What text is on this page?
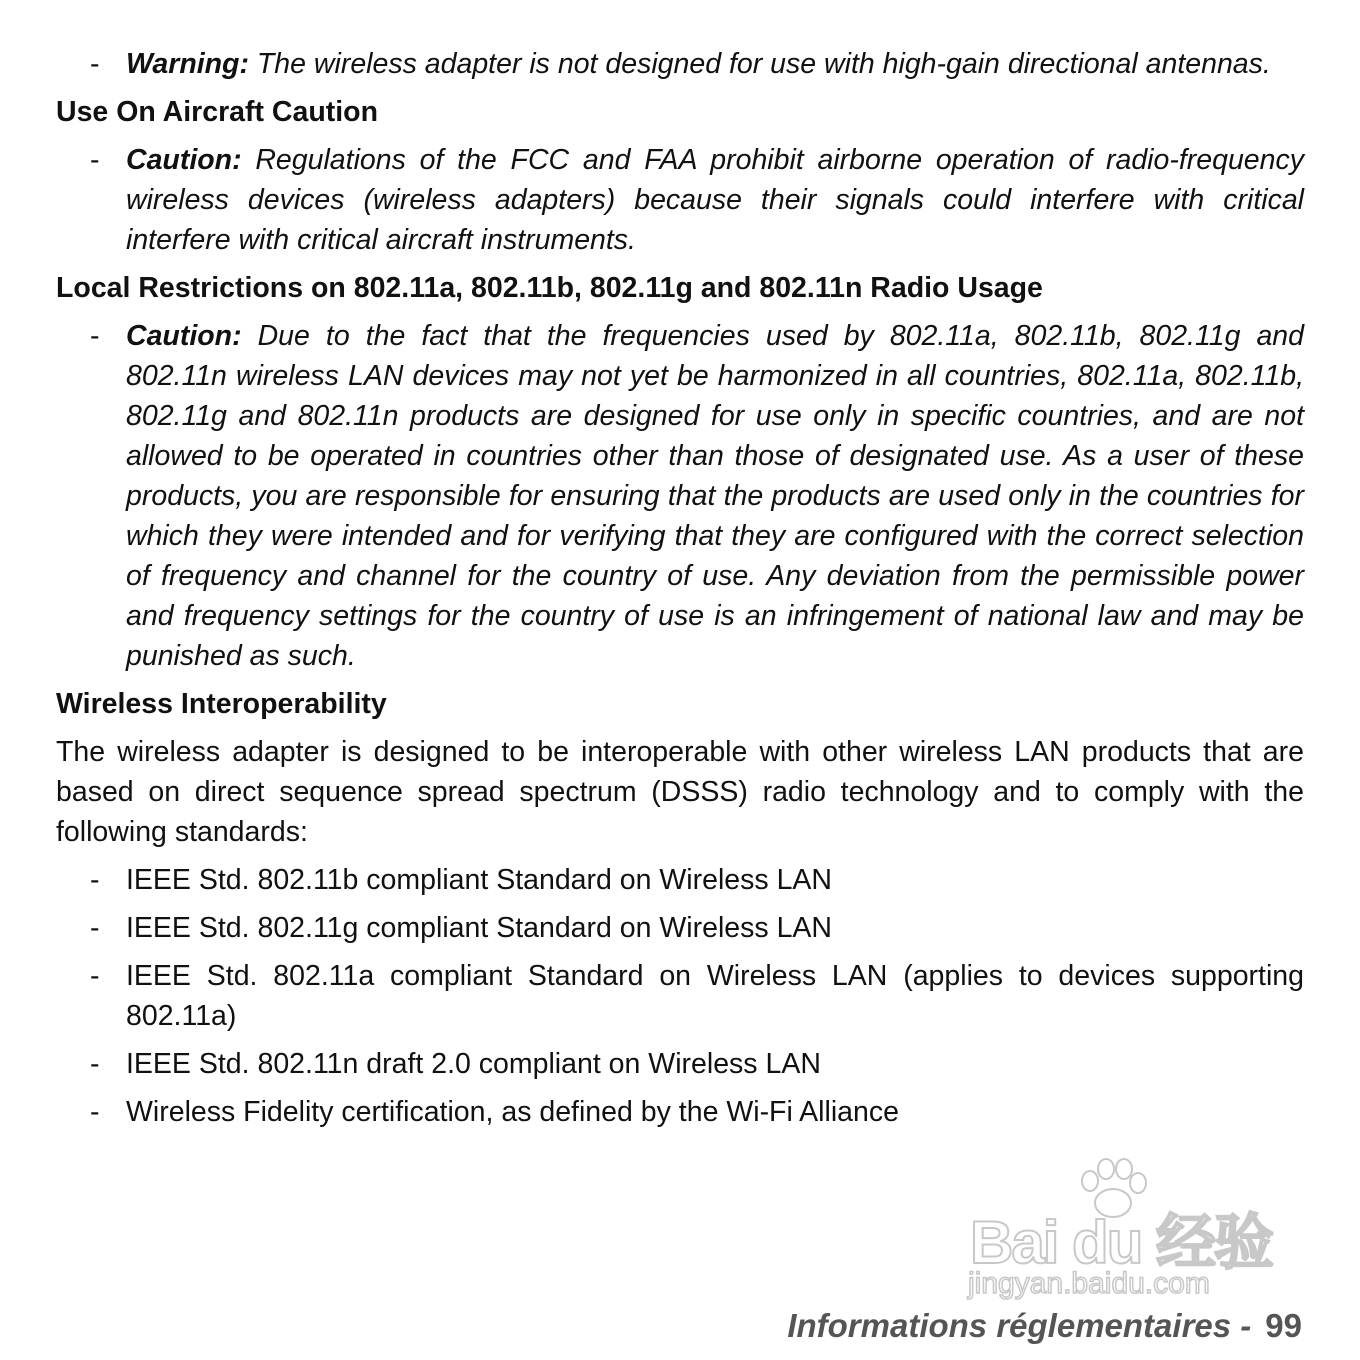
- Warning: The wireless adapter is not designed for use with high-gain directional antennas.
Use On Aircraft Caution
- Caution: Regulations of the FCC and FAA prohibit airborne operation of radio-frequency wireless devices (wireless adapters) because their signals could interfere with critical interfere with critical aircraft instruments.
Local Restrictions on 802.11a, 802.11b, 802.11g and 802.11n Radio Usage
- Caution: Due to the fact that the frequencies used by 802.11a, 802.11b, 802.11g and 802.11n wireless LAN devices may not yet be harmonized in all countries, 802.11a, 802.11b, 802.11g and 802.11n products are designed for use only in specific countries, and are not allowed to be operated in countries other than those of designated use. As a user of these products, you are responsible for ensuring that the products are used only in the countries for which they were intended and for verifying that they are configured with the correct selection of frequency and channel for the country of use. Any deviation from the permissible power and frequency settings for the country of use is an infringement of national law and may be punished as such.
Wireless Interoperability
The wireless adapter is designed to be interoperable with other wireless LAN products that are based on direct sequence spread spectrum (DSSS) radio technology and to comply with the following standards:
- IEEE Std. 802.11b compliant Standard on Wireless LAN
- IEEE Std. 802.11g compliant Standard on Wireless LAN
- IEEE Std. 802.11a compliant Standard on Wireless LAN (applies to devices supporting 802.11a)
- IEEE Std. 802.11n draft 2.0 compliant on Wireless LAN
- Wireless Fidelity certification, as defined by the Wi-Fi Alliance
Bai du 经验
jingyan.baidu.com
Informations réglementaires - 99
